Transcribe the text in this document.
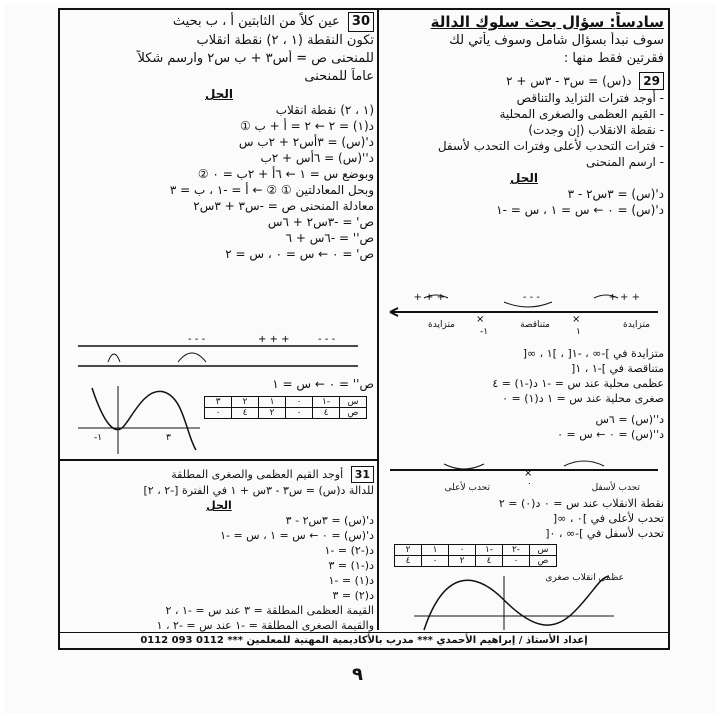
سادساً: سؤال بحث سلوك الدالة
سوف نبدأ بسؤال شامل وسوف يأتي لك
فقرتين فقط منها :
29 د(س) = س٣ - ٣س + ٢
- أوجد فترات التزايد والتناقص
- القيم العظمى والصغرى المحلية
- نقطة الانقلاب (إن وجدت)
- فترات التحدب لأعلى وفترات التحدب لأسفل
- ارسم المنحنى
الحل
د'(س) = ٣س٢ - ٣
د'(س) = ٠ ← س = ١ ، س = -١
×	×
-١	١
+ + +
- - -
+ + +
متزايدة
متناقصة
متزايدة
متزايدة في ]-∞ ، -١[ ، ]١ ، ∞[
متناقصة في ]-١ ، ١[
عظمى محلية عند س = -١ د(-١) = ٤
صغرى محلية عند س = ١ د(١) = ٠
د''(س) = ٦س
د''(س) = ٠ ← س = ٠
×
٠	تحدب لأسفل
تحدب لأعلى
نقطة الانقلاب عند س = ٠ د(٠) = ٢
تحدب لأعلى في ]٠ ، ∞[
تحدب لأسفل في ]-∞ ، ٠[
س	-٢	-١	٠	١	٢
ص	٠	٤	٢	٠	٤
عظمى انقلاب صغرى
30 عين كلاً من الثابتين أ ، ب بحيث
تكون النقطة (١ ، ٢) نقطة انقلاب
للمنحنى ص = أس٣ + ب س٢ وارسم شكلاً
عاماً للمنحنى
الحل
(١ ، ٢) نقطة انقلاب
د(١) = ٢ ← ٢ = أ + ب ①
د'(س) = ٣أس٢ + ٢ب س
د''(س) = ٦أس + ٢ب
وبوضع س = ١ ← ٦أ + ٢ب = ٠ ②
وبحل المعادلتين ① ② ← أ = -١ ، ب = ٣
معادلة المنحنى ص = -س٣ + ٣س٢
ص' = -٣س٢ + ٦س
ص'' = -٦س + ٦
ص' = ٠ ← س = ٠ ، س = ٢
- - -	+ + +	- - -
ص'' = ٠ ← س = ١
س	-١	٠	١	٢	٣
ص	٤	٠	٢	٤	٠
-١	٣
31 أوجد القيم العظمى والصغرى المطلقة
للدالة د(س) = س٣ - ٣س + ١ في الفترة [-٢ ، ٢]
الحل
د'(س) = ٣س٢ - ٣
د'(س) = ٠ ← س = ١ ، س = -١
د(-٢) = -١
د(-١) = ٣
د(١) = -١
د(٢) = ٣
القيمة العظمى المطلقة = ٣ عند س = -١ ، ٢
والقيمة الصغرى المطلقة = -١ عند س = -٢ ، ١
إعداد الأستاذ / إبراهيم الأحمدي *** مدرب بالأكاديمية المهنية للمعلمين *** 0112 093 0112
٩
